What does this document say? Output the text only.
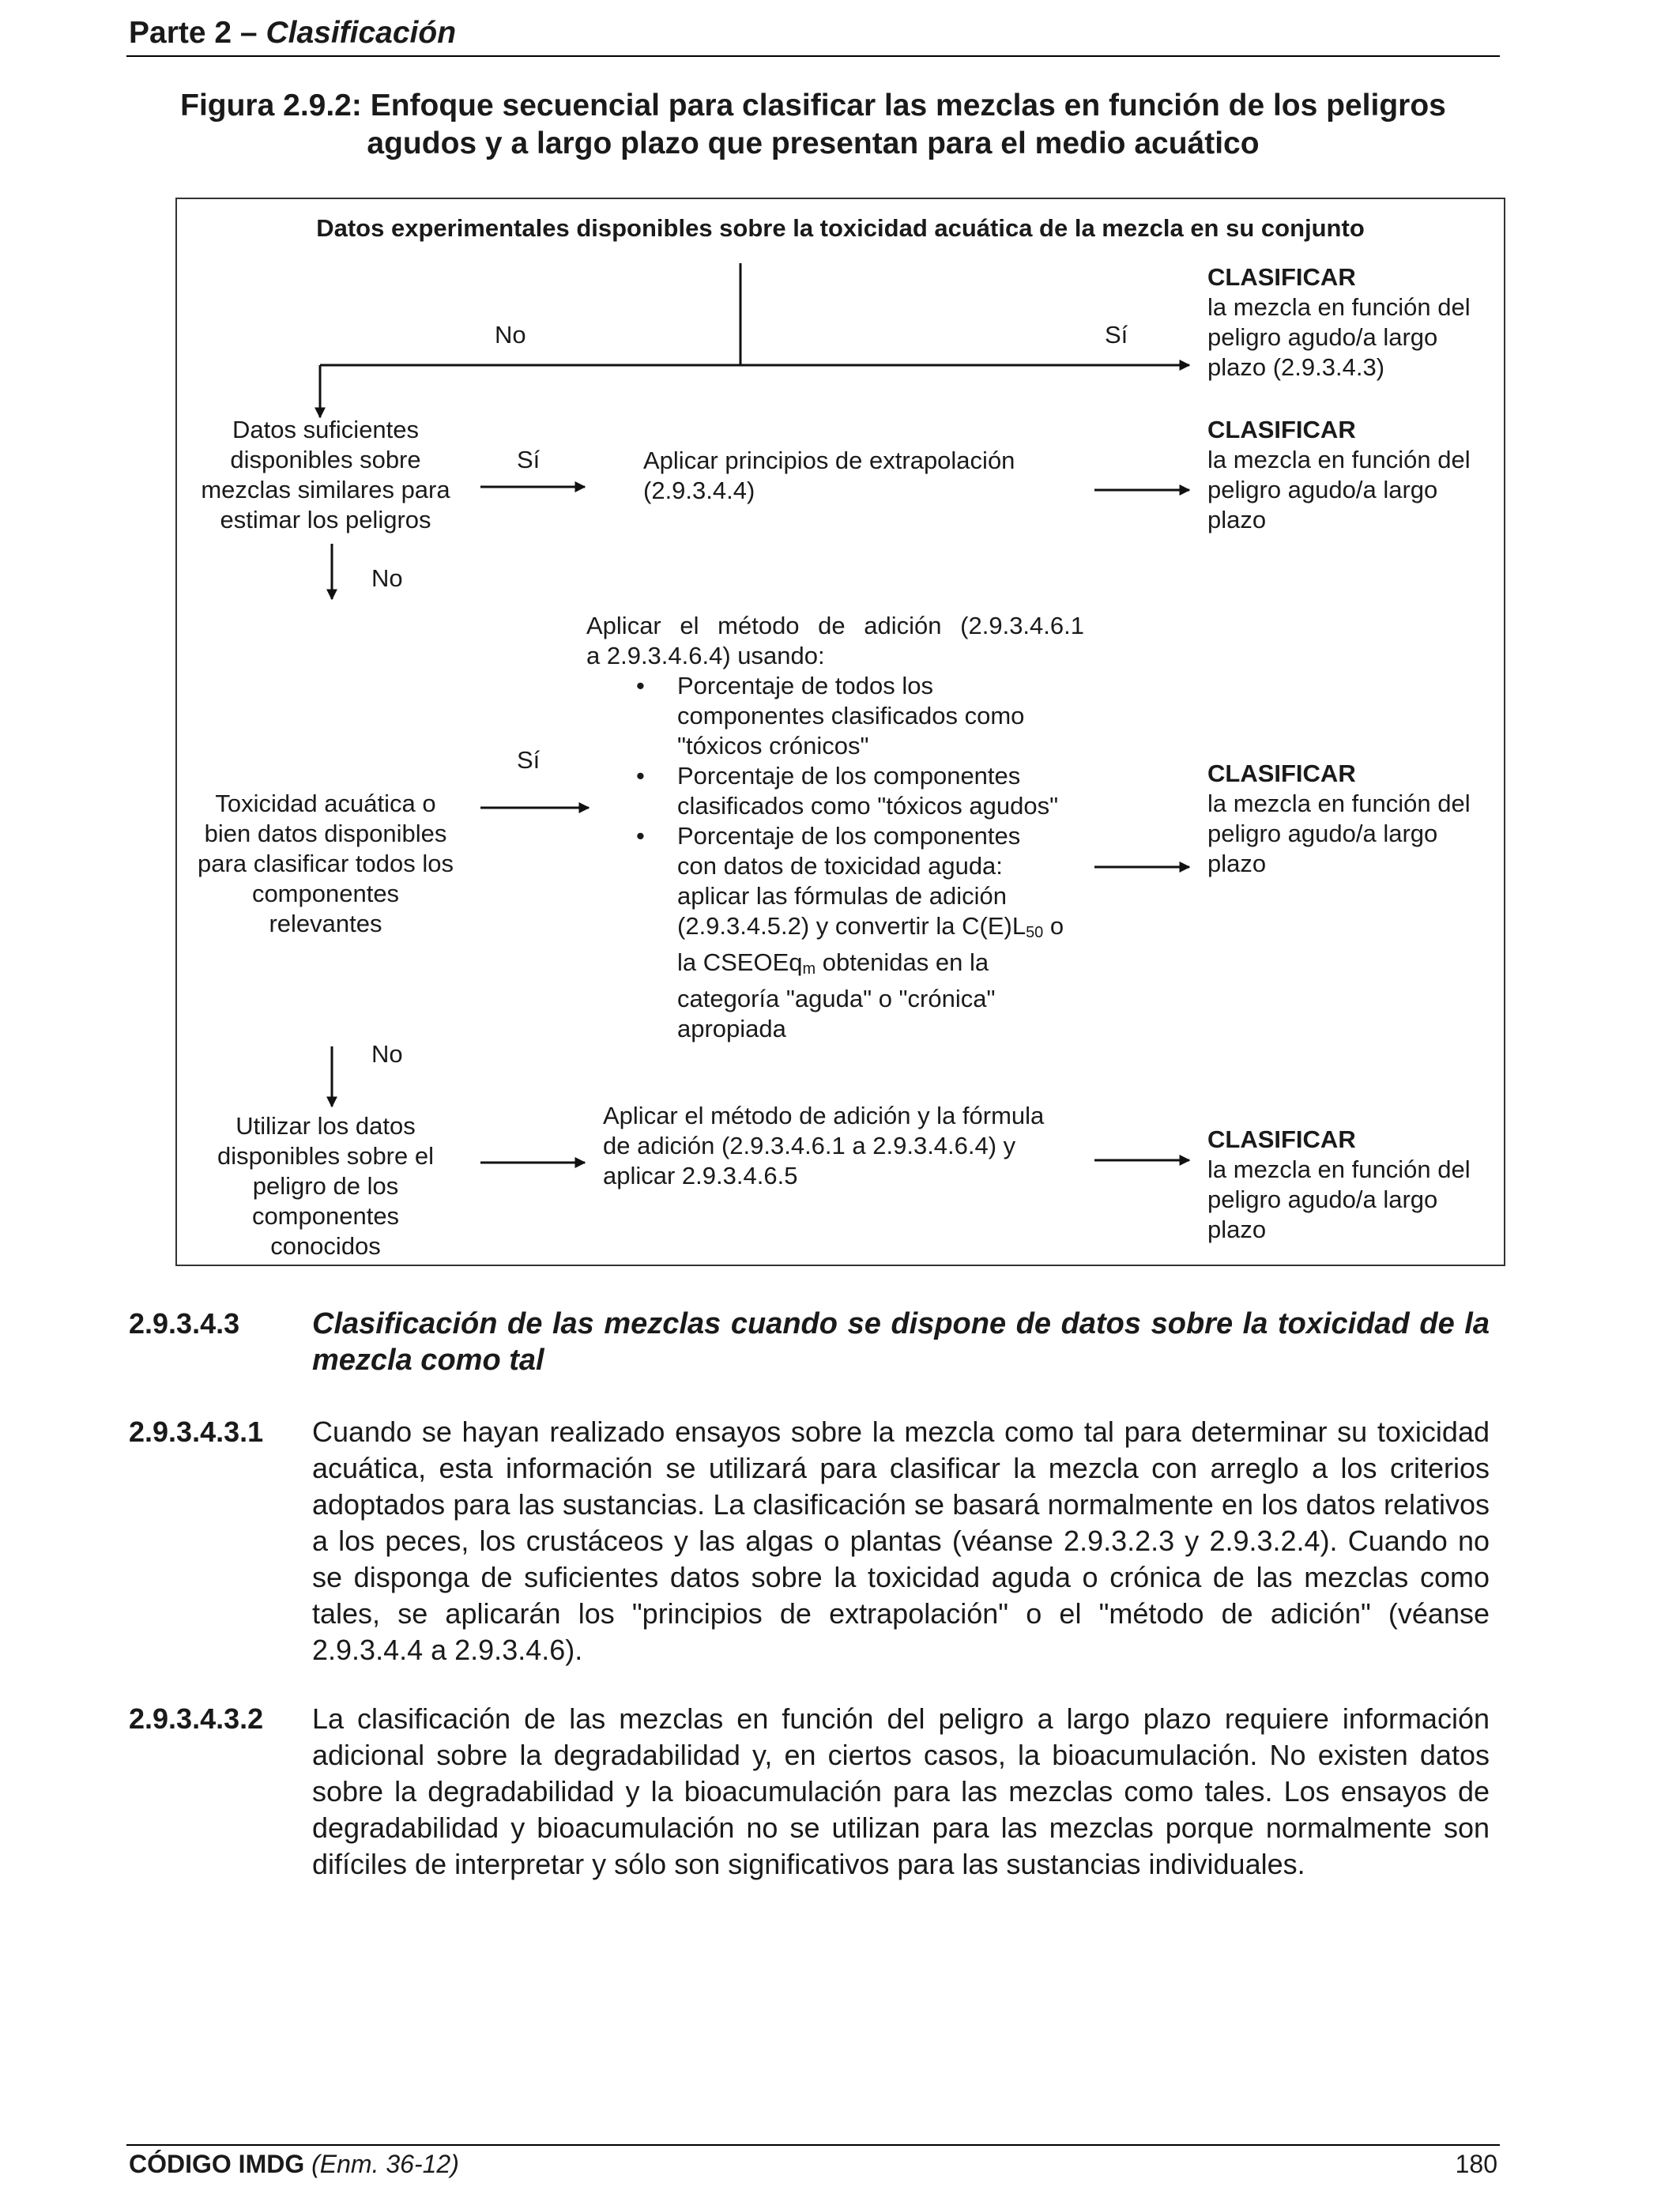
Parte 2 – Clasificación
Figura 2.9.2: Enfoque secuencial para clasificar las mezclas en función de los peligros
agudos y a largo plazo que presentan para el medio acuático
Datos experimentales disponibles sobre la toxicidad acuática de la mezcla en su conjunto
No	Sí
CLASIFICAR
la mezcla en función del
peligro agudo/a largo
plazo (2.9.3.4.3)
Datos suficientes
disponibles sobre
mezclas similares para
estimar los peligros
Sí	Aplicar principios de extrapolación
(2.9.3.4.4)
CLASIFICAR
la mezcla en función del
peligro agudo/a largo
plazo
No
Aplicar el método de adición (2.9.3.4.6.1
a 2.9.3.4.6.4) usando:
• Porcentaje de todos los
componentes clasificados como
"tóxicos crónicos"
• Porcentaje de los componentes
clasificados como "tóxicos agudos"
• Porcentaje de los componentes
con datos de toxicidad aguda:
aplicar las fórmulas de adición
(2.9.3.4.5.2) y convertir la $C(E)L_{50}$ o
la CSEOEq$_m$ obtenidas en la
categoría "aguda" o "crónica"
apropiada
Sí
Toxicidad acuática o
bien datos disponibles
para clasificar todos los
componentes
relevantes
CLASIFICAR
la mezcla en función del
peligro agudo/a largo
plazo
No
Utilizar los datos
disponibles sobre el
peligro de los
componentes
conocidos
Aplicar el método de adición y la fórmula
de adición (2.9.3.4.6.1 a 2.9.3.4.6.4) y
aplicar 2.9.3.4.6.5
CLASIFICAR
la mezcla en función del
peligro agudo/a largo
plazo
2.9.3.4.3 Clasificación de las mezclas cuando se dispone de datos sobre la toxicidad de la mezcla como tal
2.9.3.4.3.1 Cuando se hayan realizado ensayos sobre la mezcla como tal para determinar su toxicidad acuática, esta información se utilizará para clasificar la mezcla con arreglo a los criterios adoptados para las sustancias. La clasificación se basará normalmente en los datos relativos a los peces, los crustáceos y las algas o plantas (véanse 2.9.3.2.3 y 2.9.3.2.4). Cuando no se disponga de suficientes datos sobre la toxicidad aguda o crónica de las mezclas como tales, se aplicarán los "principios de extrapolación" o el "método de adición" (véanse 2.9.3.4.4 a 2.9.3.4.6).
2.9.3.4.3.2 La clasificación de las mezclas en función del peligro a largo plazo requiere información adicional sobre la degradabilidad y, en ciertos casos, la bioacumulación. No existen datos sobre la degradabilidad y la bioacumulación para las mezclas como tales. Los ensayos de degradabilidad y bioacumulación no se utilizan para las mezclas porque normalmente son difíciles de interpretar y sólo son significativos para las sustancias individuales.
CÓDIGO IMDG (Enm. 36-12)	180
